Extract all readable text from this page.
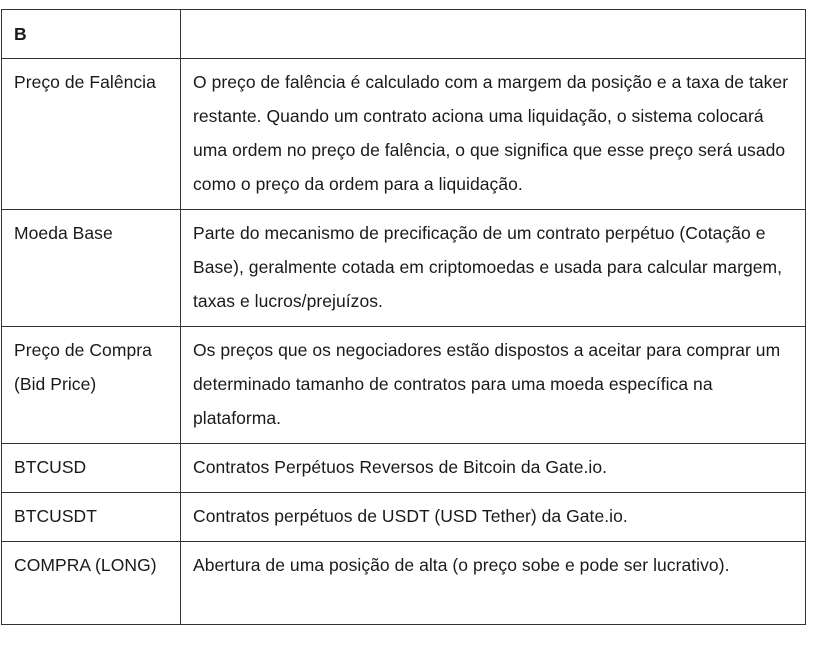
B	
Preço de Falência	O preço de falência é calculado com a margem da posição e a taxa de taker restante. Quando um contrato aciona uma liquidação, o sistema colocará uma ordem no preço de falência, o que significa que esse preço será usado como o preço da ordem para a liquidação.
Moeda Base	Parte do mecanismo de precificação de um contrato perpétuo (Cotação e Base), geralmente cotada em criptomoedas e usada para calcular margem, taxas e lucros/prejuízos.
Preço de Compra (Bid Price)	Os preços que os negociadores estão dispostos a aceitar para comprar um determinado tamanho de contratos para uma moeda específica na plataforma.
BTCUSD	Contratos Perpétuos Reversos de Bitcoin da Gate.io.
BTCUSDT	Contratos perpétuos de USDT (USD Tether) da Gate.io.
COMPRA (LONG)	Abertura de uma posição de alta (o preço sobe e pode ser lucrativo).
